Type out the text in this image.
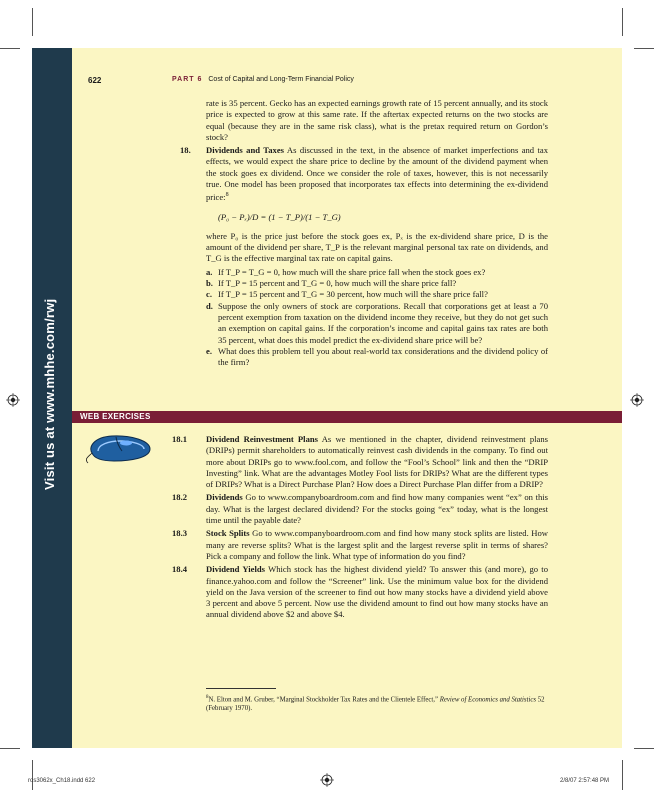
Visit us at www.mhhe.com/rwj
622	PART 6 Cost of Capital and Long-Term Financial Policy
rate is 35 percent. Gecko has an expected earnings growth rate of 15 percent annually, and its stock price is expected to grow at this same rate. If the aftertax expected returns on the two stocks are equal (because they are in the same risk class), what is the pretax required return on Gordon’s stock?
18. Dividends and Taxes As discussed in the text, in the absence of market imperfections and tax effects, we would expect the share price to decline by the amount of the dividend payment when the stock goes ex dividend. Once we consider the role of taxes, however, this is not necessarily true. One model has been proposed that incorporates tax effects into determining the ex-dividend price:$^8$
(P₀ − Pₓ)/D = (1 − T_P)/(1 − T_G)
where P₀ is the price just before the stock goes ex, Pₓ is the ex-dividend share price, D is the amount of the dividend per share, T_P is the relevant marginal personal tax rate on dividends, and T_G is the effective marginal tax rate on capital gains.
a. If T_P = T_G = 0, how much will the share price fall when the stock goes ex?
b. If T_P = 15 percent and T_G = 0, how much will the share price fall?
c. If T_P = 15 percent and T_G = 30 percent, how much will the share price fall?
d. Suppose the only owners of stock are corporations. Recall that corporations get at least a 70 percent exemption from taxation on the dividend income they receive, but they do not get such an exemption on capital gains. If the corporation’s income and capital gains tax rates are both 35 percent, what does this model predict the ex-dividend share price will be?
e. What does this problem tell you about real-world tax considerations and the dividend policy of the firm?
WEB EXERCISES
18.1 Dividend Reinvestment Plans As we mentioned in the chapter, dividend reinvestment plans (DRIPs) permit shareholders to automatically reinvest cash dividends in the company. To find out more about DRIPs go to www.fool.com, and follow the “Fool’s School” link and then the “DRIP Investing” link. What are the advantages Motley Fool lists for DRIPs? What are the different types of DRIPs? What is a Direct Purchase Plan? How does a Direct Purchase Plan differ from a DRIP?
18.2 Dividends Go to www.companyboardroom.com and find how many companies went “ex” on this day. What is the largest declared dividend? For the stocks going “ex” today, what is the longest time until the payable date?
18.3 Stock Splits Go to www.companyboardroom.com and find how many stock splits are listed. How many are reverse splits? What is the largest split and the largest reverse split in terms of shares? Pick a company and follow the link. What type of information do you find?
18.4 Dividend Yields Which stock has the highest dividend yield? To answer this (and more), go to finance.yahoo.com and follow the “Screener” link. Use the minimum value box for the dividend yield on the Java version of the screener to find out how many stocks have a dividend yield above 3 percent and above 5 percent. Now use the dividend amount to find out how many stocks have an annual dividend above $2 and above $4.
$^8$N. Elton and M. Gruber, “Marginal Stockholder Tax Rates and the Clientele Effect,” Review of Economics and Statistics 52 (February 1970).
ros3062x_Ch18.indd 622	2/8/07 2:57:48 PM
